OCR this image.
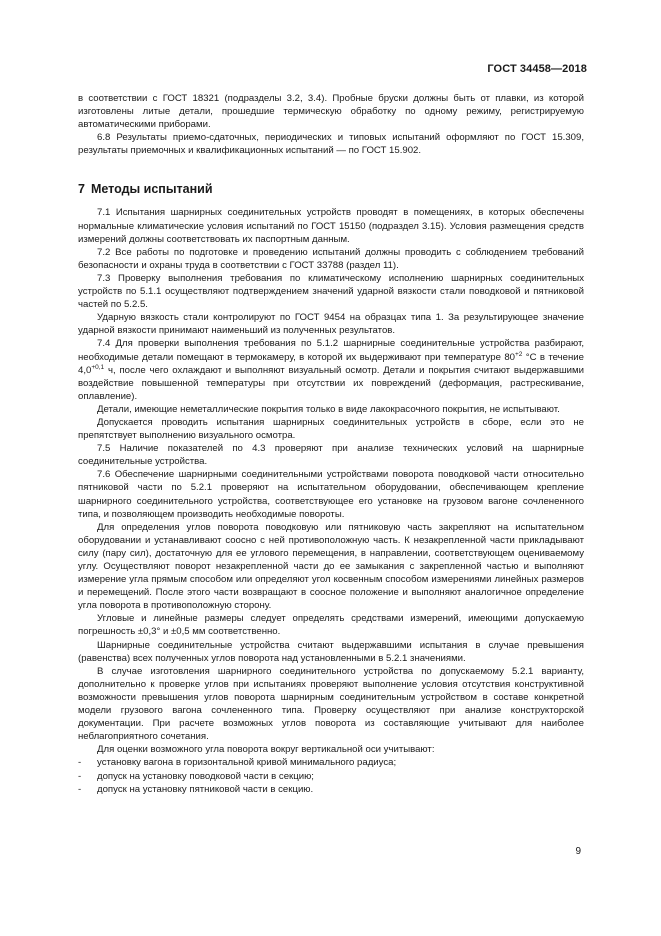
ГОСТ 34458—2018

в соответствии с ГОСТ 18321 (подразделы 3.2, 3.4). Пробные бруски должны быть от плавки, из которой изготовлены литые детали, прошедшие термическую обработку по одному режиму, регистрируемую автоматическими приборами.

6.8 Результаты приемо-сдаточных, периодических и типовых испытаний оформляют по ГОСТ 15.309, результаты приемочных и квалификационных испытаний — по ГОСТ 15.902.

7 Методы испытаний

7.1 Испытания шарнирных соединительных устройств проводят в помещениях, в которых обеспечены нормальные климатические условия испытаний по ГОСТ 15150 (подраздел 3.15). Условия размещения средств измерений должны соответствовать их паспортным данным.

7.2 Все работы по подготовке и проведению испытаний должны проводить с соблюдением требований безопасности и охраны труда в соответствии с ГОСТ 33788 (раздел 11).

7.3 Проверку выполнения требования по климатическому исполнению шарнирных соединительных устройств по 5.1.1 осуществляют подтверждением значений ударной вязкости стали поводковой и пятниковой частей по 5.2.5.

Ударную вязкость стали контролируют по ГОСТ 9454 на образцах типа 1. За результирующее значение ударной вязкости принимают наименьший из полученных результатов.

7.4 Для проверки выполнения требования по 5.1.2 шарнирные соединительные устройства разбирают, необходимые детали помещают в термокамеру, в которой их выдерживают при температуре $80^{+2}$ °C в течение $4,0^{+0,1}$ ч, после чего охлаждают и выполняют визуальный осмотр. Детали и покрытия считают выдержавшими воздействие повышенной температуры при отсутствии их повреждений (деформация, растрескивание, оплавление).

Детали, имеющие неметаллические покрытия только в виде лакокрасочного покрытия, не испытывают.

Допускается проводить испытания шарнирных соединительных устройств в сборе, если это не препятствует выполнению визуального осмотра.

7.5 Наличие показателей по 4.3 проверяют при анализе технических условий на шарнирные соединительные устройства.

7.6 Обеспечение шарнирными соединительными устройствами поворота поводковой части относительно пятниковой части по 5.2.1 проверяют на испытательном оборудовании, обеспечивающем крепление шарнирного соединительного устройства, соответствующее его установке на грузовом вагоне сочлененного типа, и позволяющем производить необходимые повороты.

Для определения углов поворота поводковую или пятниковую часть закрепляют на испытательном оборудовании и устанавливают соосно с ней противоположную часть. К незакрепленной части прикладывают силу (пару сил), достаточную для ее углового перемещения, в направлении, соответствующем оцениваемому углу. Осуществляют поворот незакрепленной части до ее замыкания с закрепленной частью и выполняют измерение угла прямым способом или определяют угол косвенным способом измерениями линейных размеров и перемещений. После этого части возвращают в соосное положение и выполняют аналогичное определение угла поворота в противоположную сторону.

Угловые и линейные размеры следует определять средствами измерений, имеющими допускаемую погрешность ±0,3° и ±0,5 мм соответственно.

Шарнирные соединительные устройства считают выдержавшими испытания в случае превышения (равенства) всех полученных углов поворота над установленными в 5.2.1 значениями.

В случае изготовления шарнирного соединительного устройства по допускаемому 5.2.1 варианту, дополнительно к проверке углов при испытаниях проверяют выполнение условия отсутствия конструктивной возможности превышения углов поворота шарнирным соединительным устройством в составе конкретной модели грузового вагона сочлененного типа. Проверку осуществляют при анализе конструкторской документации. При расчете возможных углов поворота из составляющие учитывают для наиболее неблагоприятного сочетания.

Для оценки возможного угла поворота вокруг вертикальной оси учитывают:

- установку вагона в горизонтальной кривой минимального радиуса;
- допуск на установку поводковой части в секцию;
- допуск на установку пятниковой части в секцию.
9
